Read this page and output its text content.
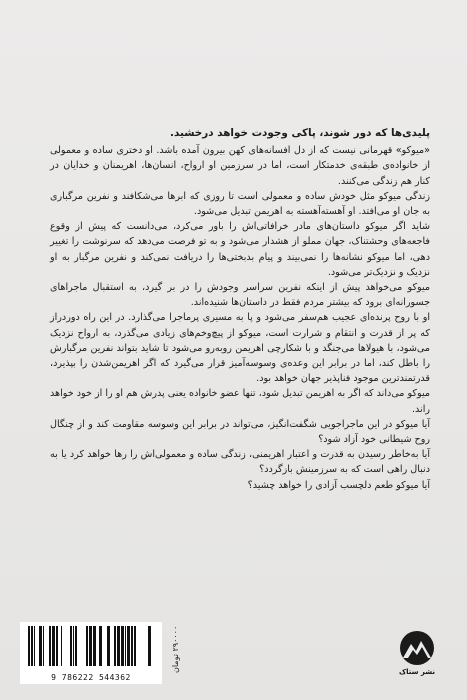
پلیدی‌ها که دور شوند، پاکی وجودت خواهد درخشید.

«میوکو» قهرمانی نیست که از دل افسانه‌های کهن بیرون آمده باشد. او دختری ساده و معمولی از خانواده‌ی طبقه‌ی خدمتکار است، اما در سرزمین او ارواح، انسان‌ها، اهریمنان و خدایان در کنار هم زندگی می‌کنند.

زندگی میوکو مثل خودش ساده و معمولی است تا روزی که ابرها می‌شکافند و نفرین مرگباری به جان او می‌افتد. او آهسته‌آهسته به اهریمن تبدیل می‌شود.

شاید اگر میوکو داستان‌های مادر خرافاتی‌اش را باور می‌کرد، می‌دانست که پیش از وقوع فاجعه‌های وحشتناک، جهان مملو از هشدار می‌شود و به تو فرصت می‌دهد که سرنوشت را تغییر دهی، اما میوکو نشانه‌ها را نمی‌بیند و پیام بدبختی‌ها را دریافت نمی‌کند و نفرین مرگبار به او نزدیک و نزدیک‌تر می‌شود.

میوکو می‌خواهد پیش از اینکه نفرین سراسر وجودش را در بر گیرد، به استقبال ماجراهای جسورانه‌ای برود که بیشتر مردم فقط در داستان‌ها شنیده‌اند.

او با روح پرنده‌ای عجیب هم‌سفر می‌شود و پا به مسیری پرماجرا می‌گذارد. در این راه دوردراز که پر از قدرت و انتقام و شرارت است، میوکو از پیچ‌وخم‌های زیادی می‌گذرد، به ارواح نزدیک می‌شود، با هیولاها می‌جنگد و با شکارچی اهریمن روبه‌رو می‌شود تا شاید بتواند نفرین مرگبارش را باطل کند، اما در برابر این وعده‌ی وسوسه‌آمیز قرار می‌گیرد که اگر اهریمن‌شدن را بپذیرد، قدرتمندترین موجود فناپذیر جهان خواهد بود.

میوکو می‌داند که اگر به اهریمن تبدیل شود، تنها عضو خانواده یعنی پدرش هم او را از خود خواهد راند.

آیا میوکو در این ماجراجویی شگفت‌انگیز، می‌تواند در برابر این وسوسه مقاومت کند و از چنگال روح شیطانی خود آزاد شود؟

آیا به‌خاطر رسیدن به قدرت و اعتبار اهریمنی، زندگی ساده و معمولی‌اش را رها خواهد کرد یا به دنبال راهی است که به سرزمینش بازگردد؟

آیا میوکو طعم دلچسب آزادی را خواهد چشید؟

9 786222 544362
۲۹۰۰۰۰ تومان
نشر ستاک
